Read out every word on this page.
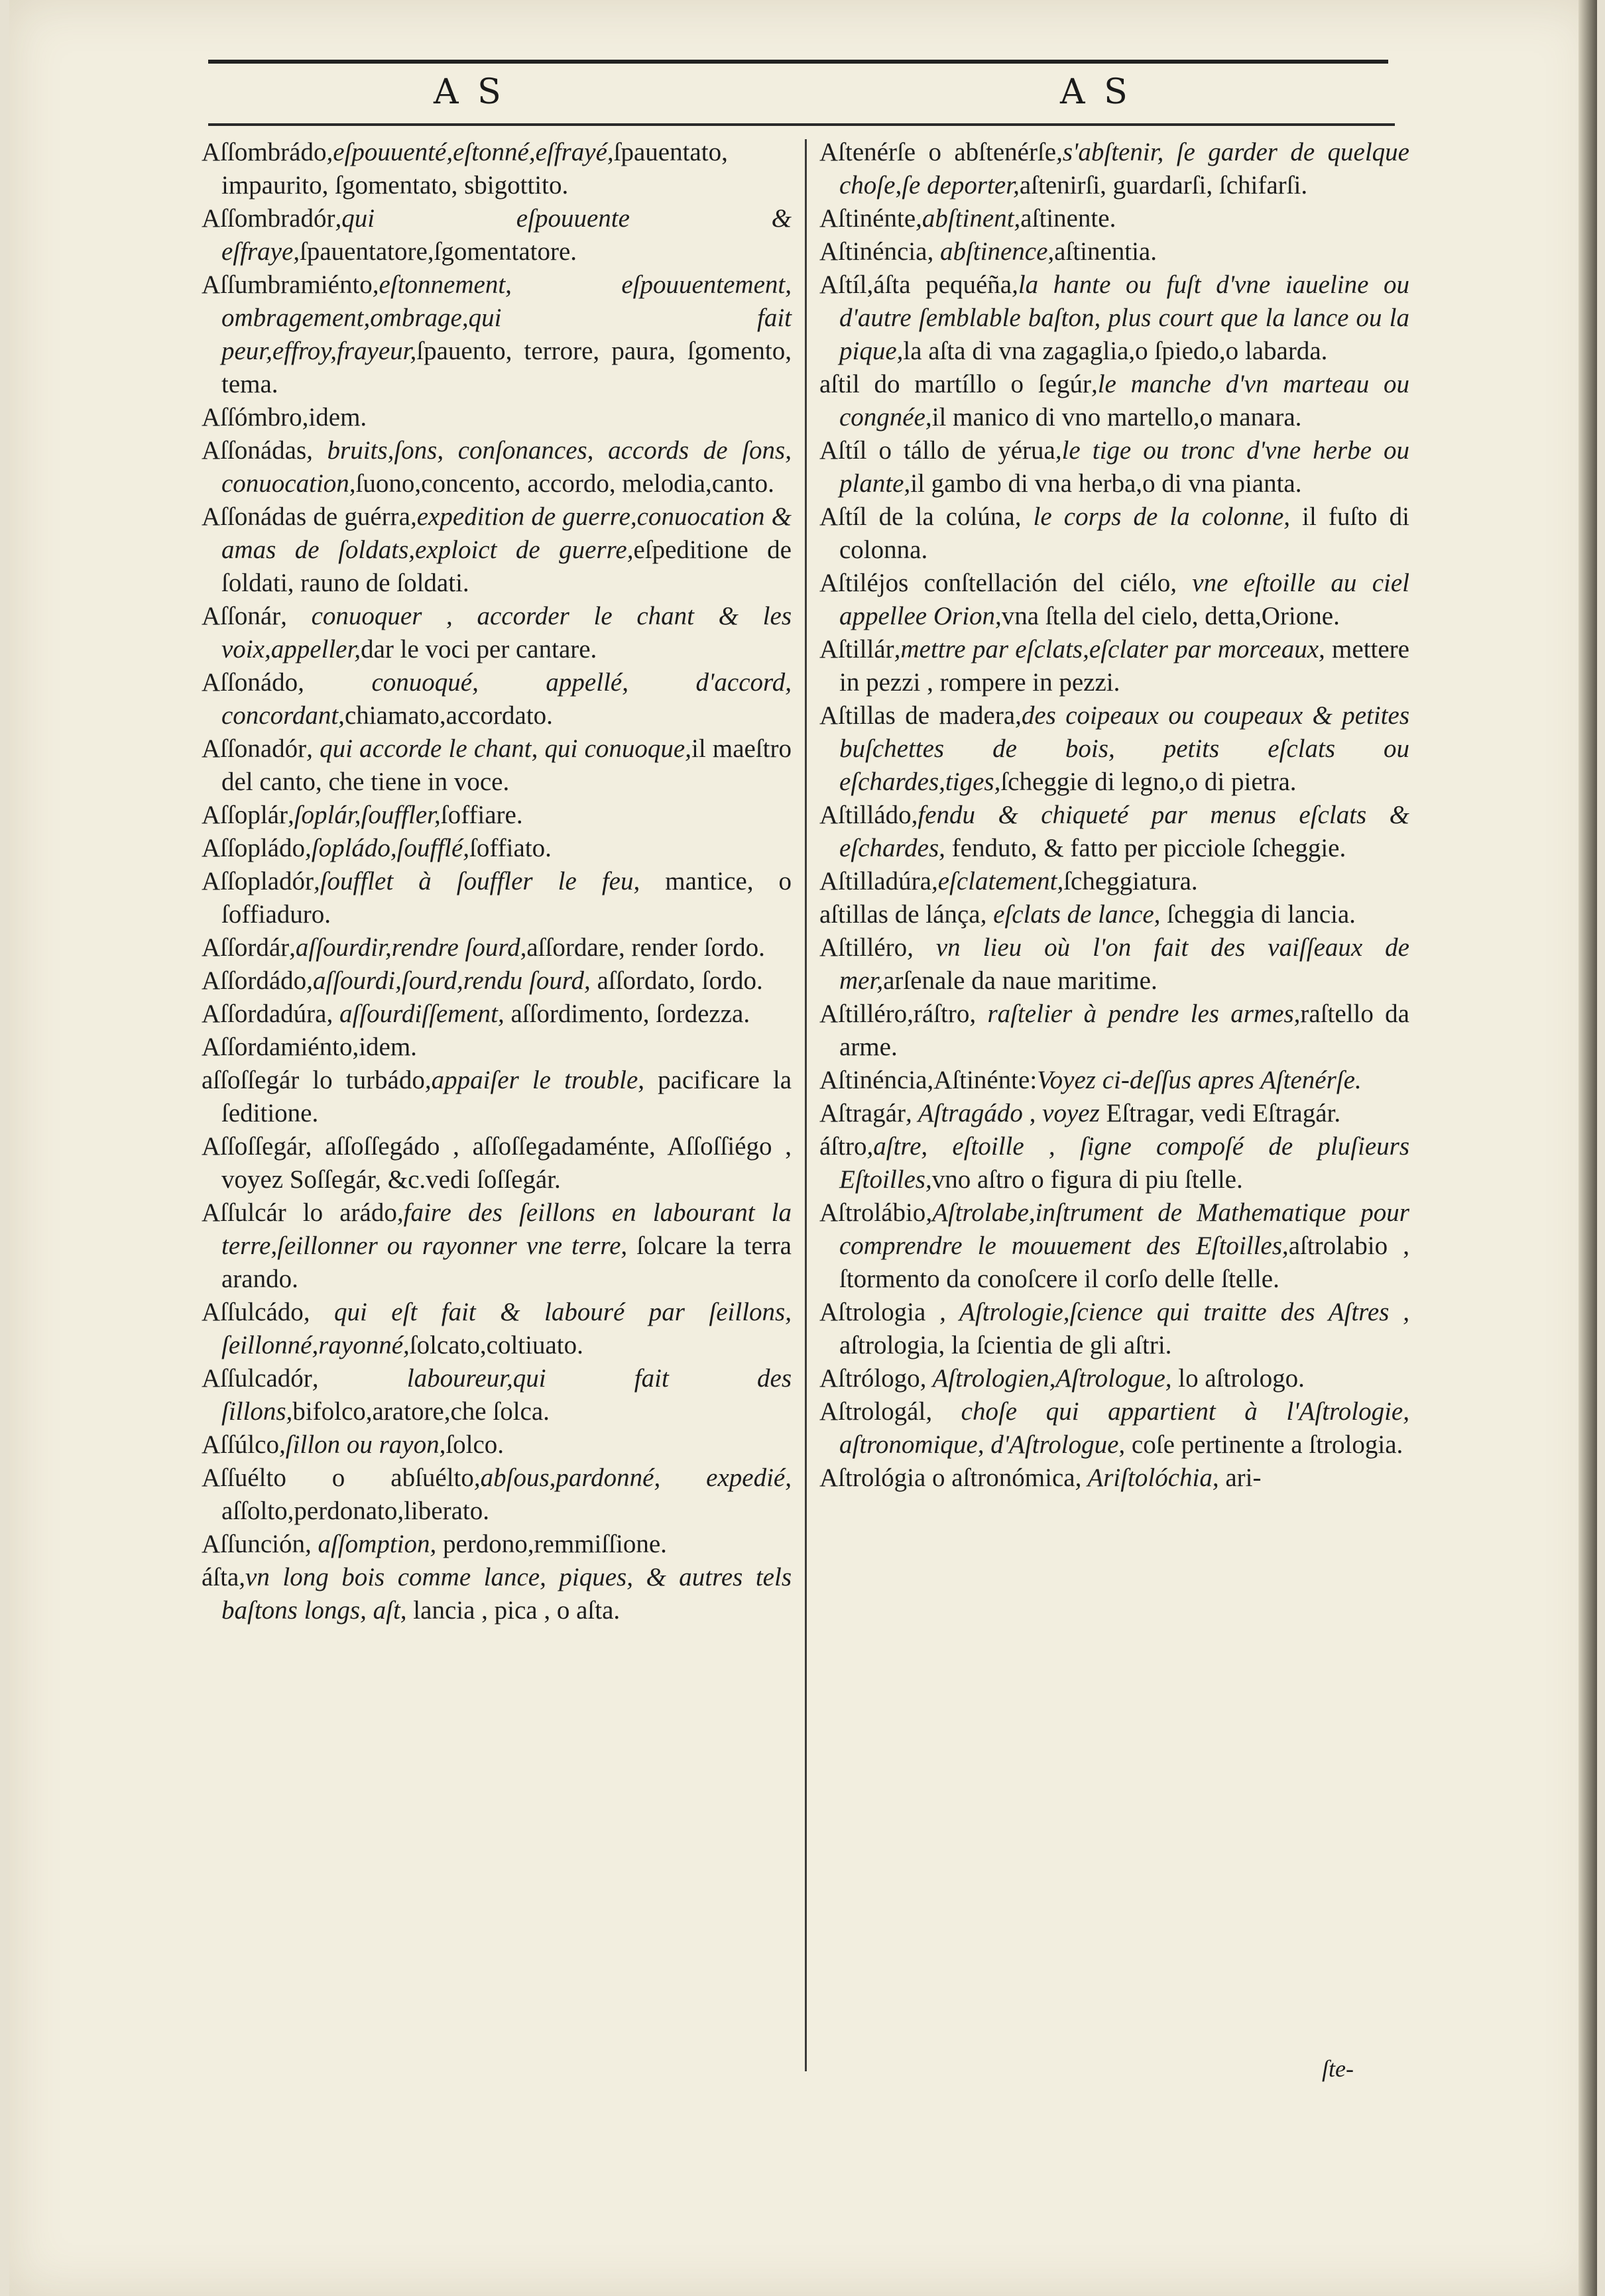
A S	A S

Aſſombrádo,eſpouuenté,eſtonné,eſfrayé,ſpauentato, impaurito, ſgomentato, sbigottito.

Aſſombradór,qui eſpouuente & eſfraye,ſpauentatore,ſgomentatore.

Aſſumbramiénto,eſtonnement, eſpouuentement, ombragement,ombrage,qui fait peur,effroy,frayeur,ſpauento, terrore, paura, ſgomento, tema.

Aſſómbro,idem.

Aſſonádas, bruits,ſons, conſonances, accords de ſons, conuocation,ſuono,concento, accordo, melodia,canto.

Aſſonádas de guérra,expedition de guerre,conuocation & amas de ſoldats,exploict de guerre,eſpeditione de ſoldati, rauno de ſoldati.

Aſſonár, conuoquer , accorder le chant & les voix,appeller,dar le voci per cantare.

Aſſonádo, conuoqué, appellé, d'accord, concordant,chiamato,accordato.

Aſſonadór, qui accorde le chant, qui conuoque,il maeſtro del canto, che tiene in voce.

Aſſoplár,ſoplár,ſouffler,ſoffiare.

Aſſopládo,ſopládo,ſoufflé,ſoffiato.

Aſſopladór,ſoufflet à ſouffler le feu, mantice, o ſoffiaduro.

Aſſordár,aſſourdir,rendre ſourd,aſſordare, render ſordo.

Aſſordádo,aſſourdi,ſourd,rendu ſourd, aſſordato, ſordo.

Aſſordadúra, aſſourdiſſement, aſſordimento, ſordezza.

Aſſordamiénto,idem.

aſſoſſegár lo turbádo,appaiſer le trouble, pacificare la ſeditione.

Aſſoſſegár, aſſoſſegádo , aſſoſſegadaménte, Aſſoſſiégo , voyez Soſſegár, &c.vedi ſoſſegár.

Aſſulcár lo arádo,faire des ſeillons en labourant la terre,ſeillonner ou rayonner vne terre, ſolcare la terra arando.

Aſſulcádo, qui eſt fait & labouré par ſeillons, ſeillonné,rayonné,ſolcato,coltiuato.

Aſſulcadór, laboureur,qui fait des ſillons,bifolco,aratore,che ſolca.

Aſſúlco,ſillon ou rayon,ſolco.

Aſſuélto o abſuélto,abſous,pardonné, expedié, aſſolto,perdonato,liberato.

Aſſunción, aſſomption, perdono,remmiſſione.

áſta,vn long bois comme lance, piques, & autres tels baſtons longs, aſt, lancia , pica , o aſta.

Aſtenérſe o abſtenérſe,s'abſtenir, ſe garder de quelque choſe,ſe deporter,aſtenirſi, guardarſi, ſchifarſi.

Aſtinénte,abſtinent,aſtinente.

Aſtinéncia, abſtinence,aſtinentia.

Aſtíl,áſta pequéña,la hante ou fuſt d'vne iaueline ou d'autre ſemblable baſton, plus court que la lance ou la pique,la aſta di vna zagaglia,o ſpiedo,o labarda.

aſtil do martíllo o ſegúr,le manche d'vn marteau ou congnée,il manico di vno martello,o manara.

Aſtíl o tállo de yérua,le tige ou tronc d'vne herbe ou plante,il gambo di vna herba,o di vna pianta.

Aſtíl de la colúna, le corps de la colonne, il fuſto di colonna.

Aſtiléjos conſtellación del ciélo, vne eſtoille au ciel appellee Orion,vna ſtella del cielo, detta,Orione.

Aſtillár,mettre par eſclats,eſclater par morceaux, mettere in pezzi , rompere in pezzi.

Aſtillas de madera,des coipeaux ou coupeaux & petites buſchettes de bois, petits eſclats ou eſchardes,tiges,ſcheggie di legno,o di pietra.

Aſtilládo,fendu & chiqueté par menus eſclats & eſchardes, fenduto, & fatto per picciole ſcheggie.

Aſtilladúra,eſclatement,ſcheggiatura.

aſtillas de lánça, eſclats de lance, ſcheggia di lancia.

Aſtilléro, vn lieu où l'on fait des vaiſſeaux de mer,arſenale da naue maritime.

Aſtilléro,ráſtro, raſtelier à pendre les armes,raſtello da arme.

Aſtinéncia,Aſtinénte:Voyez ci-deſſus apres Aſtenérſe.

Aſtragár, Aſtragádo , voyez Eſtragar, vedi Eſtragár.

áſtro,aſtre, eſtoille , ſigne compoſé de pluſieurs Eſtoilles,vno aſtro o figura di piu ſtelle.

Aſtrolábio,Aſtrolabe,inſtrument de Mathematique pour comprendre le mouuement des Eſtoilles,aſtrolabio , ſtormento da conoſcere il corſo delle ſtelle.

Aſtrologia , Aſtrologie,ſcience qui traitte des Aſtres , aſtrologia, la ſcientia de gli aſtri.

Aſtrólogo, Aſtrologien,Aſtrologue, lo aſtrologo.

Aſtrologál, choſe qui appartient à l'Aſtrologie, aſtronomique, d'Aſtrologue, coſe pertinente a ſtrologia.

Aſtrológia o aſtronómica, Ariſtolóchia, ari-

ſte-
